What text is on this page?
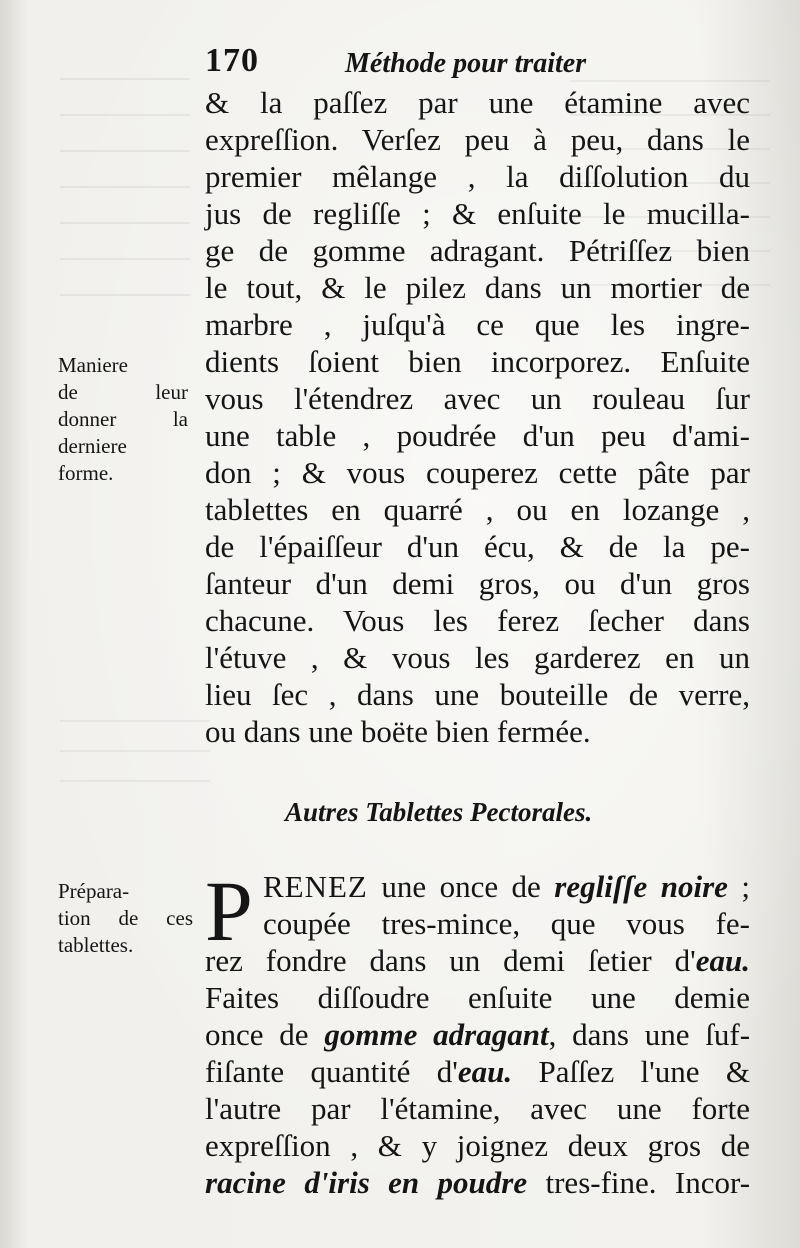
170	Méthode pour traiter
& la paſſez par une étamine avec
expreſſion. Verſez peu à peu, dans le
premier mêlange , la diſſolution du
jus de regliſſe ; & enſuite le mucilla-
ge de gomme adragant. Pétriſſez bien
le tout, & le pilez dans un mortier de
marbre , juſqu'à ce que les ingre-
dients ſoient bien incorporez. Enſuite
vous l'étendrez avec un rouleau ſur
une table , poudrée d'un peu d'ami-
don ; & vous couperez cette pâte par
tablettes en quarré , ou en lozange ,
de l'épaiſſeur d'un écu, & de la pe-
ſanteur d'un demi gros, ou d'un gros
chacune. Vous les ferez ſecher dans
l'étuve , & vous les garderez en un
lieu ſec , dans une bouteille de verre,
ou dans une boëte bien fermée.
Maniere
de leur
donner la
derniere
forme.
Autres Tablettes Pectorales.
Prépara-
tion de ces
tablettes. P RENEZ une once de regliſſe noire ;
coupée tres-mince, que vous fe-
rez fondre dans un demi ſetier d'eau.
Faites diſſoudre enſuite une demie
once de gomme adragant, dans une ſuf-
fiſante quantité d'eau. Paſſez l'une &
l'autre par l'étamine, avec une forte
expreſſion , & y joignez deux gros de
racine d'iris en poudre tres-fine. Incor-
